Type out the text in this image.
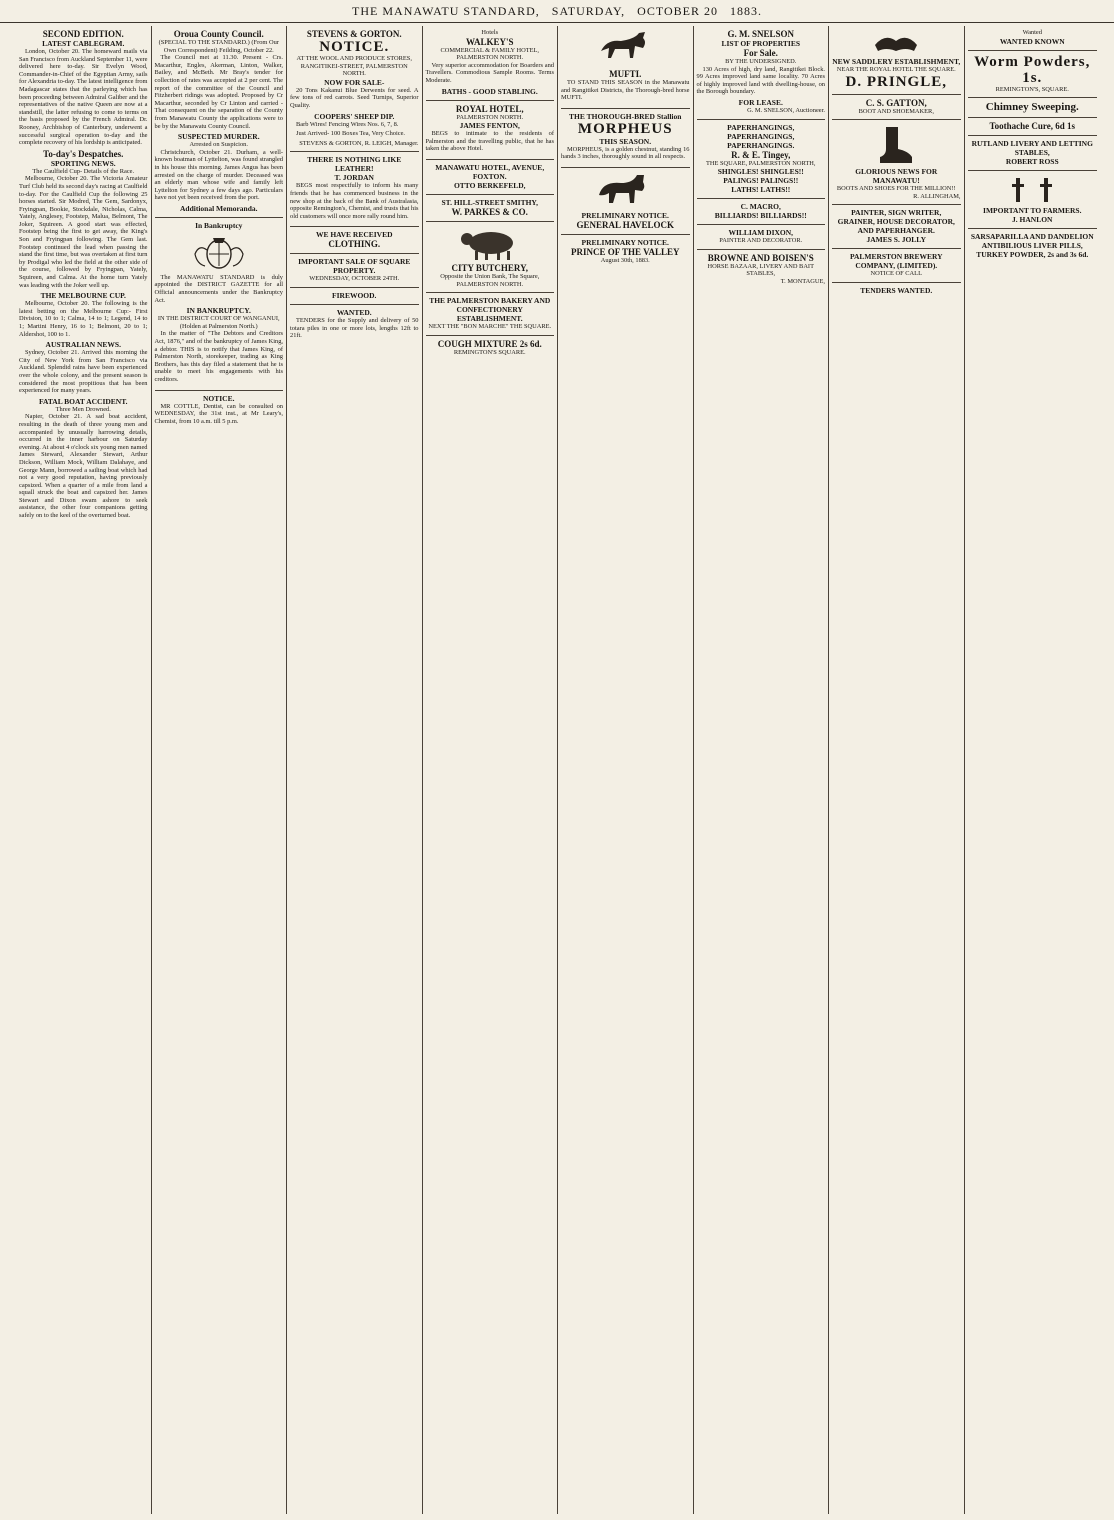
THE MANAWATU STANDARD, SATURDAY, OCTOBER 20 1883.
SECOND EDITION.
LATEST CABLEGRAM.

London, October 20. The homeward mails via San Francisco from Auckland September 11, were delivered here to-day. Sir Evelyn Wood, Commander-in-Chief of the Egyptian Army, sails for Alexandria to-day. The latest intelligence from Madagascar states that the parleying which has been proceeding between Admiral Galiber and the representatives of the native Queen are now at a standstill, the latter refusing to come to terms on the basis proposed by the French Admiral. Dr. Rooney, Archbishop of Canterbury, underwent a successful surgical operation to-day and the complete recovery of his lordship is anticipated.

To-day's Despatches.
SPORTING NEWS.
The Caulfield Cup- Details of the Race.

Melbourne, October 20. The Victoria Amateur Turf Club held its second day's racing at Caulfield to-day. For the Caulfield Cup the following 25 horses started. Sir Modred, The Gem, Sardonyx, Fryingpan, Bookie, Stockdale, Nicholas, Calma, Yately, Anglesey, Footstep, Malua, Belmont, The Joker, Squireen. A good start was effected, Footstep being the first to get away, the King's Son and Fryingpan following. The Gem last. Footstep continued the lead when passing the stand the first time, but was overtaken at first turn by Prodigal who led the field at the other side of the course, followed by Fryingpan, Yately, Squireen, and Calma. At the home turn Yately was leading with the Joker well up.

THE MELBOURNE CUP.

Melbourne, October 20. The following is the latest betting on the Melbourne Cup:- First Division, 10 to 1; Calma, 14 to 1; Legend, 14 to 1; Martini Henry, 16 to 1; Belmont, 20 to 1; Aldershot, 100 to 1.

AUSTRALIAN NEWS.

Sydney, October 21. Arrived this morning the City of New York from San Francisco via Auckland. Splendid rains have been experienced over the whole colony, and the present season is considered the most propitious that has been experienced for many years.

FATAL BOAT ACCIDENT.
Three Men Drowned.

Napier, October 21. A sad boat accident, resulting in the death of three young men and accompanied by unusually harrowing details, occurred in the inner harbour on Saturday evening. At about 4 o'clock six young men named James Steward, Alexander Stewart, Arthur Dickson, William Mock, William Dalahaye, and George Mann, borrowed a sailing boat which had not a very good reputation, having previously capsized. When a quarter of a mile from land a squall struck the boat and capsized her. James Stewart and Dixon swam ashore to seek assistance, the other four companions getting safely on to the keel of the overturned boat.

Oroua County Council.
(SPECIAL TO THE STANDARD.) (From Our Own Correspondent) Feilding, October 22.

The Council met at 11.30. Present - Crs. Macarthur, Engles, Akerman, Linton, Walker, Bailey, and McBeth. Mr Bray's tender for collection of rates was accepted at 2 per cent. The report of the committee of the Council and Fitzherbert ridings was adopted. Proposed by Cr Macarthur, seconded by Cr Linton and carried - That consequent on the separation of the County from Manawatu County the applications were to be by the Manawatu County Council.

SUSPECTED MURDER.
Arrested on Suspicion.

Christchurch, October 21. Durham, a well-known boatman of Lyttelton, was found strangled in his house this morning. James Angus has been arrested on the charge of murder. Deceased was an elderly man whose wife and family left Lyttelton for Sydney a few days ago. Particulars have not yet been received from the port.

Additional Memoranda.
In Bankruptcy

The MANAWATU STANDARD is duly appointed the DISTRICT GAZETTE for all Official announcements under the Bankruptcy Act.

IN BANKRUPTCY.
IN THE DISTRICT COURT OF WANGANUI, (Holden at Palmerston North.)

In the matter of "The Debtors and Creditors Act, 1876," and of the bankruptcy of James King, a debtor. THIS is to notify that James King, of Palmerston North, storekeeper, trading as King Brothers, has this day filed a statement that he is unable to meet his engagements with his creditors.

NOTICE.

MR COTTLE, Dentist, can be consulted on WEDNESDAY, the 31st inst., at Mr Leary's, Chemist, from 10 a.m. till 5 p.m.

STEVENS & GORTON.
NOTICE.
AT THE WOOL AND PRODUCE STORES, RANGITIKEI-STREET, PALMERSTON NORTH.
NOW FOR SALE-

20 Tons Kakanui Blue Derwents for seed. A few tons of red carrots. Seed Turnips, Superior Quality.

COOPERS' SHEEP DIP.

Barb Wires! Fencing Wires Nos. 6, 7, 8.

Just Arrived- 100 Boxes Tea, Very Choice.

STEVENS & GORTON, R. LEIGH, Manager.
THERE IS NOTHING LIKE LEATHER!
T. JORDAN

BEGS most respectfully to inform his many friends that he has commenced business in the new shop at the back of the Bank of Australasia, opposite Remington's, Chemist, and trusts that his old customers will once more rally round him.

WE HAVE RECEIVED
CLOTHING.
IMPORTANT SALE OF SQUARE PROPERTY.
WEDNESDAY, OCTOBER 24TH.
FIREWOOD.
WANTED.

TENDERS for the Supply and delivery of 50 totara piles in one or more lots, lengths 12ft to 21ft.

Hotels
WALKEY'S
COMMERCIAL & FAMILY HOTEL, PALMERSTON NORTH.

Very superior accommodation for Boarders and Travellers. Commodious Sample Rooms. Terms Moderate.

BATHS - GOOD STABLING.
ROYAL HOTEL,
PALMERSTON NORTH.
JAMES FENTON,

BEGS to intimate to the residents of Palmerston and the travelling public, that he has taken the above Hotel.

MANAWATU HOTEL, AVENUE, FOXTON.
OTTO BERKEFELD,
ST. HILL-STREET SMITHY,
W. PARKES & CO.
CITY BUTCHERY,
Opposite the Union Bank, The Square, PALMERSTON NORTH.
THE PALMERSTON BAKERY AND CONFECTIONERY ESTABLISHMENT.
NEXT THE "BON MARCHE" THE SQUARE.
COUGH MIXTURE 2s 6d.
REMINGTON'S SQUARE.
MUFTI.

TO STAND THIS SEASON in the Manawatu and Rangitikei Districts, the Thorough-bred horse MUFTI.

THE THOROUGH-BRED Stallion
MORPHEUS
THIS SEASON.

MORPHEUS, is a golden chestnut, standing 16 hands 3 inches, thoroughly sound in all respects.

PRELIMINARY NOTICE.
GENERAL HAVELOCK
PRELIMINARY NOTICE.
PRINCE OF THE VALLEY
August 30th, 1883.
G. M. SNELSON
LIST OF PROPERTIES
For Sale.
BY THE UNDERSIGNED.

130 Acres of high, dry land, Rangitikei Block. 99 Acres improved land same locality. 70 Acres of highly improved land with dwelling-house, on the Borough boundary.

FOR LEASE.
G. M. SNELSON, Auctioneer.
PAPERHANGINGS, PAPERHANGINGS, PAPERHANGINGS.
R. & E. Tingey,
THE SQUARE, PALMERSTON NORTH,
SHINGLES! SHINGLES!!
PALINGS! PALINGS!!
LATHS! LATHS!!
C. MACRO,
BILLIARDS! BILLIARDS!!
WILLIAM DIXON,
PAINTER AND DECORATOR.
BROWNE AND BOISEN'S
HORSE BAZAAR, LIVERY AND BAIT STABLES,
T. MONTAGUE,
NEW SADDLERY ESTABLISHMENT,
NEAR THE ROYAL HOTEL THE SQUARE.
D. PRINGLE,
C. S. GATTON,
BOOT AND SHOEMAKER,
GLORIOUS NEWS FOR MANAWATU!
BOOTS AND SHOES FOR THE MILLION!!
R. ALLINGHAM,
PAINTER, SIGN WRITER, GRAINER, HOUSE DECORATOR, AND PAPERHANGER.
JAMES S. JOLLY
PALMERSTON BREWERY COMPANY, (LIMITED).
NOTICE OF CALL
TENDERS WANTED.
Wanted
WANTED KNOWN
Worm Powders,
1s.
REMINGTON'S, SQUARE.
Chimney Sweeping.
Toothache Cure, 6d 1s
RUTLAND LIVERY AND LETTING STABLES,
ROBERT ROSS
IMPORTANT TO FARMERS.
J. HANLON
SARSAPARILLA AND DANDELION
ANTIBILIOUS LIVER PILLS,
TURKEY POWDER, 2s and 3s 6d.
